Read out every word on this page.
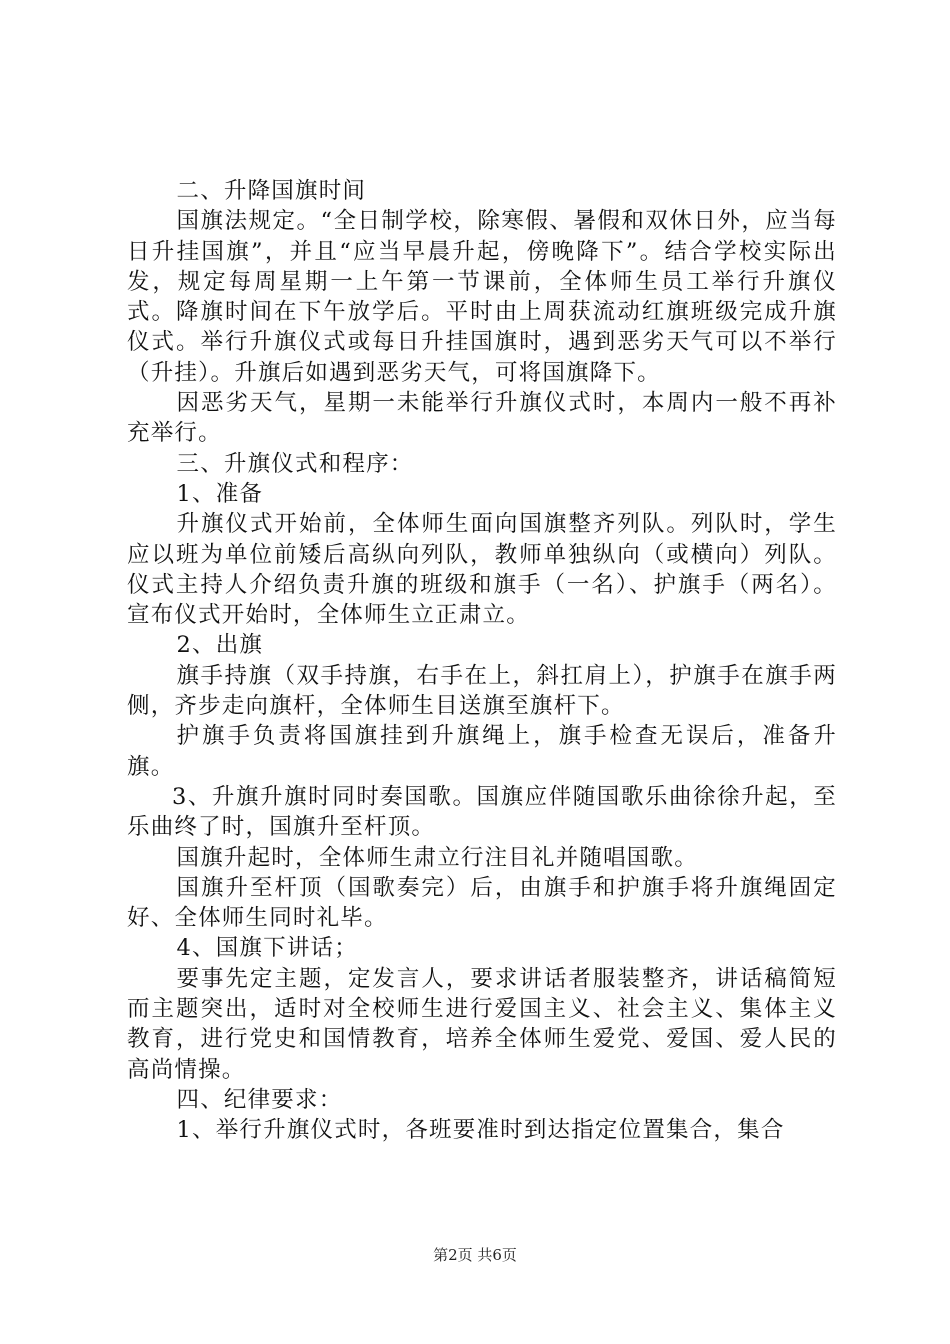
二、升降国旗时间

国旗法规定。“全日制学校，除寒假、暑假和双休日外，应当每日升挂国旗”，并且“应当早晨升起，傍晚降下”。结合学校实际出发，规定每周星期一上午第一节课前，全体师生员工举行升旗仪式。降旗时间在下午放学后。平时由上周获流动红旗班级完成升旗仪式。举行升旗仪式或每日升挂国旗时，遇到恶劣天气可以不举行（升挂）。升旗后如遇到恶劣天气，可将国旗降下。

因恶劣天气，星期一未能举行升旗仪式时，本周内一般不再补充举行。

三、升旗仪式和程序：

1、准备

升旗仪式开始前，全体师生面向国旗整齐列队。列队时，学生应以班为单位前矮后高纵向列队，教师单独纵向（或横向）列队。仪式主持人介绍负责升旗的班级和旗手（一名）、护旗手（两名）。宣布仪式开始时，全体师生立正肃立。

2、出旗

旗手持旗（双手持旗，右手在上，斜扛肩上），护旗手在旗手两侧，齐步走向旗杆，全体师生目送旗至旗杆下。

护旗手负责将国旗挂到升旗绳上，旗手检查无误后，准备升旗。

3、升旗升旗时同时奏国歌。国旗应伴随国歌乐曲徐徐升起，至乐曲终了时，国旗升至杆顶。

国旗升起时，全体师生肃立行注目礼并随唱国歌。

国旗升至杆顶（国歌奏完）后，由旗手和护旗手将升旗绳固定好、全体师生同时礼毕。

4、国旗下讲话；

要事先定主题，定发言人，要求讲话者服装整齐，讲话稿简短而主题突出，适时对全校师生进行爱国主义、社会主义、集体主义教育，进行党史和国情教育，培养全体师生爱党、爱国、爱人民的高尚情操。

四、纪律要求：

1、举行升旗仪式时，各班要准时到达指定位置集合，集合

第2页 共6页
